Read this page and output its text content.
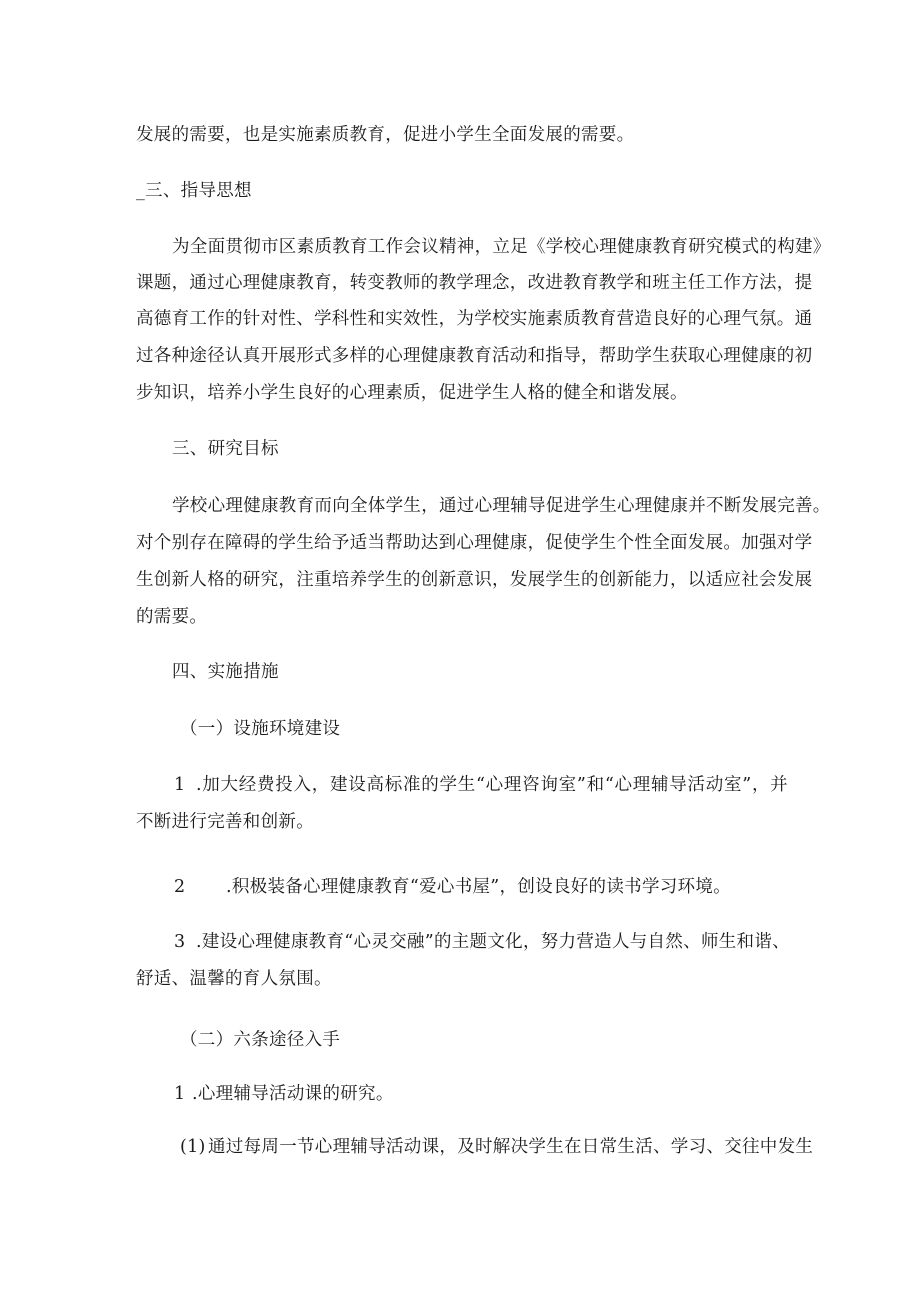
发展的需要，也是实施素质教育，促进小学生全面发展的需要。
_三、指导思想
为全面贯彻市区素质教育工作会议精神，立足《学校心理健康教育研究模式的构建》
课题，通过心理健康教育，转变教师的教学理念，改进教育教学和班主任工作方法，提
高德育工作的针对性、学科性和实效性，为学校实施素质教育营造良好的心理气氛。通
过各种途径认真开展形式多样的心理健康教育活动和指导，帮助学生获取心理健康的初
步知识，培养小学生良好的心理素质，促进学生人格的健全和谐发展。
三、研究目标
学校心理健康教育而向全体学生，通过心理辅导促进学生心理健康并不断发展完善。
对个别存在障碍的学生给予适当帮助达到心理健康，促使学生个性全面发展。加强对学
生创新人格的研究，注重培养学生的创新意识，发展学生的创新能力，以适应社会发展
的需要。
四、实施措施
（一）设施环境建设
1 .加大经费投入，建设高标准的学生“心理咨询室”和“心理辅导活动室”，并
不断进行完善和创新。
2 .积极装备心理健康教育“爱心书屋”，创设良好的读书学习环境。
3 .建设心理健康教育“心灵交融”的主题文化，努力营造人与自然、师生和谐、
舒适、温馨的育人氛围。
（二）六条途径入手
1 .心理辅导活动课的研究。
(1) 通过每周一节心理辅导活动课，及时解决学生在日常生活、学习、交往中发生
